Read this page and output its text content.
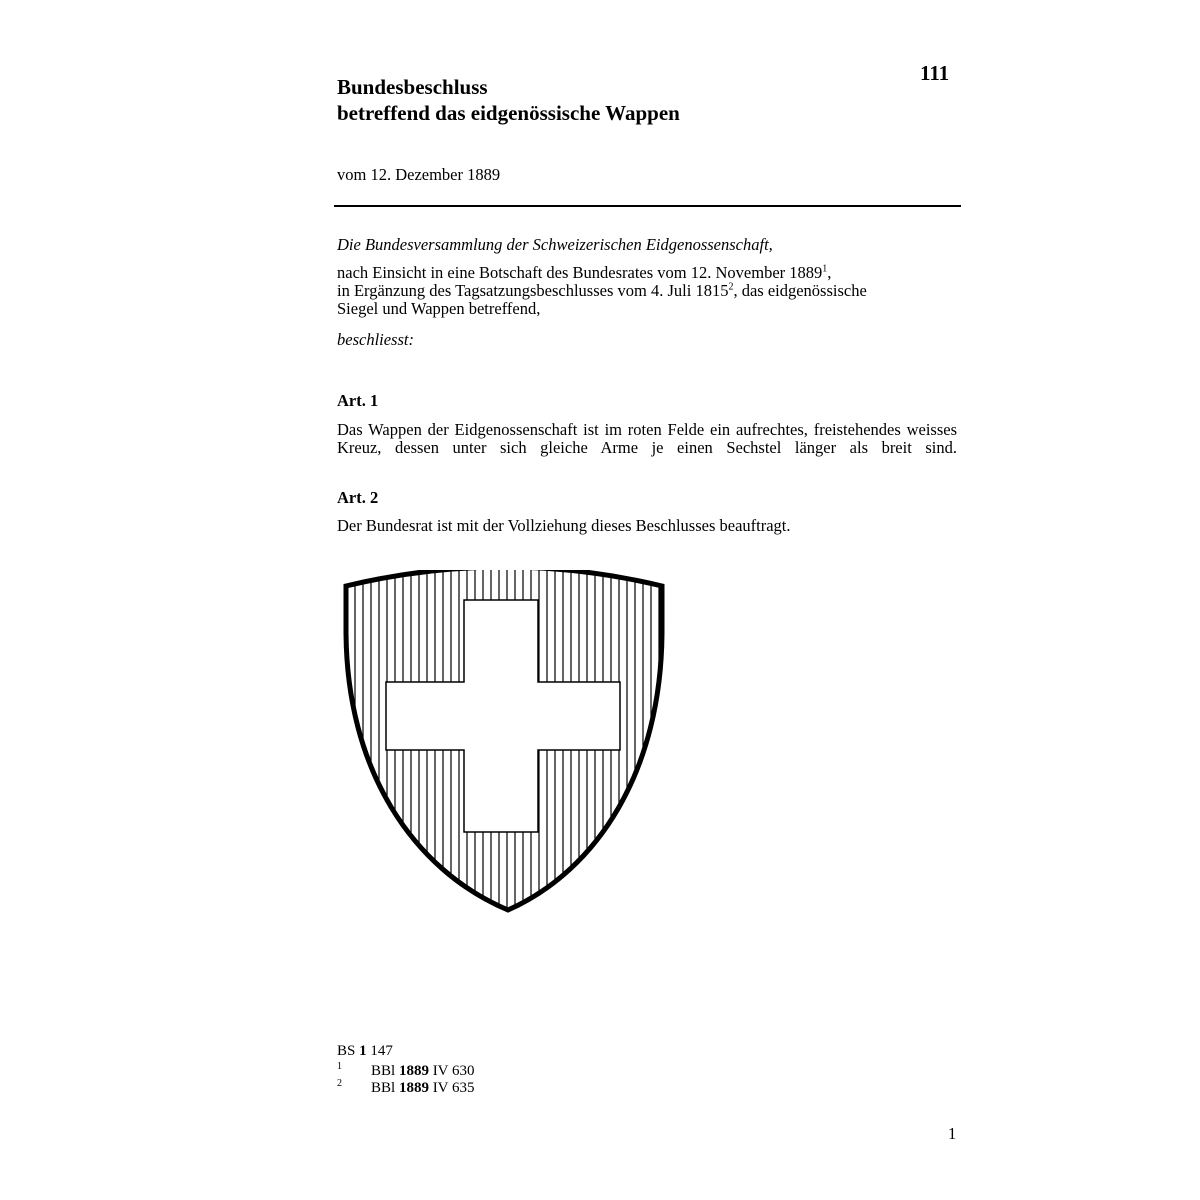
111
Bundesbeschluss
betreffend das eidgenössische Wappen
vom 12. Dezember 1889
Die Bundesversammlung der Schweizerischen Eidgenossenschaft,
nach Einsicht in eine Botschaft des Bundesrates vom 12. November 1889$^1$,
in Ergänzung des Tagsatzungsbeschlusses vom 4. Juli 1815$^2$, das eidgenössische
Siegel und Wappen betreffend,
beschliesst:
Art. 1
Das Wappen der Eidgenossenschaft ist im roten Felde ein aufrechtes, freistehendes weisses Kreuz, dessen unter sich gleiche Arme je einen Sechstel länger als breit sind.
Art. 2
Der Bundesrat ist mit der Vollziehung dieses Beschlusses beauftragt.
BS 1 147
1 BBl 1889 IV 630
2 BBl 1889 IV 635
1
